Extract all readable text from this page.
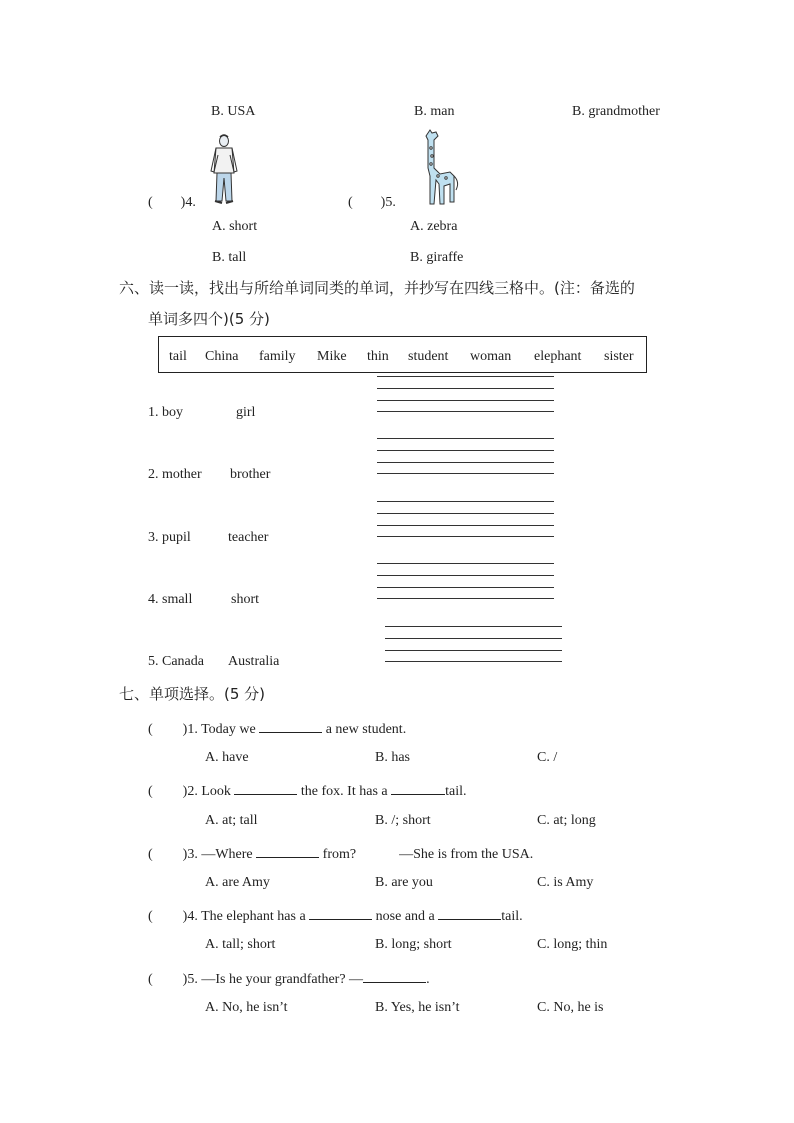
B. USA	B. man	B. grandmother
( )4.
A. short
B. tall
( )5.
A. zebra
B. giraffe
六、读一读，找出与所给单词同类的单词，并抄写在四线三格中。(注：备选的
单词多四个)(5 分)
tail China family Mike thin student woman elephant sister
1. boy	girl
2. mother brother
3. pupil	teacher
4. small	short
5. Canada Australia
七、单项选择。(5 分)
( )1. Today we	a new student.
A. have	B. has	C. /
( )2. Look	the fox. It has a	tail.
A. at; tall	B. /; short	C. at; long
( )3. —Where	from?	—She is from the USA.
A. are Amy	B. are you	C. is Amy
( )4. The elephant has a	nose and a	tail.
A. tall; short	B. long; short	C. long; thin
( )5. —Is he your grandfather? —	.
A. No, he isn’t	B. Yes, he isn’t	C. No, he is
